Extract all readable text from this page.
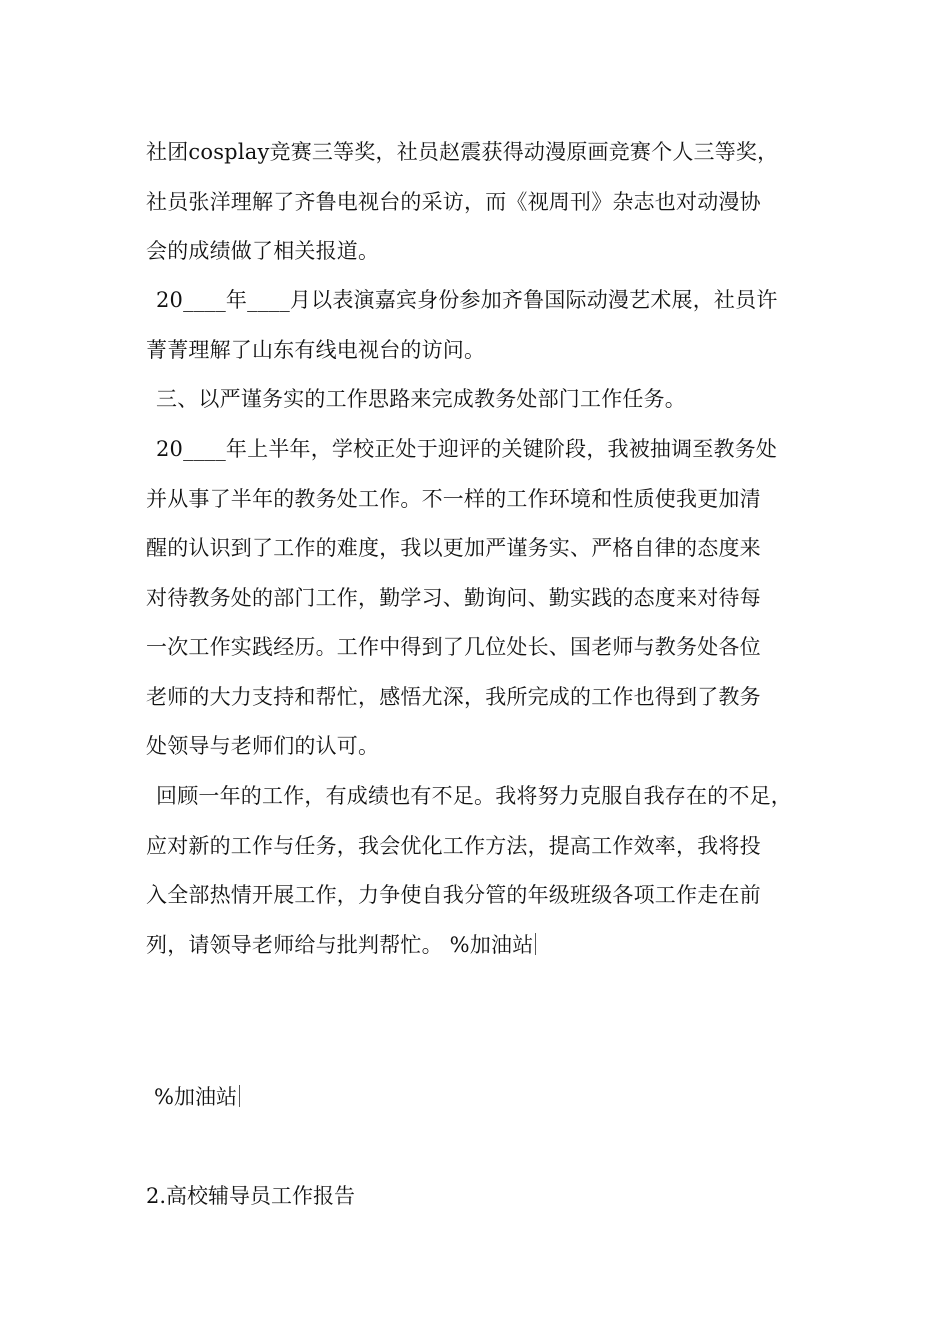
社团cosplay竞赛三等奖，社员赵震获得动漫原画竞赛个人三等奖，
社员张洋理解了齐鲁电视台的采访，而《视周刊》杂志也对动漫协
会的成绩做了相关报道。

20____年____月以表演嘉宾身份参加齐鲁国际动漫艺术展，社员许
菁菁理解了山东有线电视台的访问。

三、以严谨务实的工作思路来完成教务处部门工作任务。

20____年上半年，学校正处于迎评的关键阶段，我被抽调至教务处
并从事了半年的教务处工作。不一样的工作环境和性质使我更加清
醒的认识到了工作的难度，我以更加严谨务实、严格自律的态度来
对待教务处的部门工作，勤学习、勤询问、勤实践的态度来对待每
一次工作实践经历。工作中得到了几位处长、国老师与教务处各位
老师的大力支持和帮忙，感悟尤深，我所完成的工作也得到了教务
处领导与老师们的认可。

回顾一年的工作，有成绩也有不足。我将努力克服自我存在的不足，
应对新的工作与任务，我会优化工作方法，提高工作效率，我将投
入全部热情开展工作，力争使自我分管的年级班级各项工作走在前
列，请领导老师给与批判帮忙。 %加油站

%加油站

2.高校辅导员工作报告
